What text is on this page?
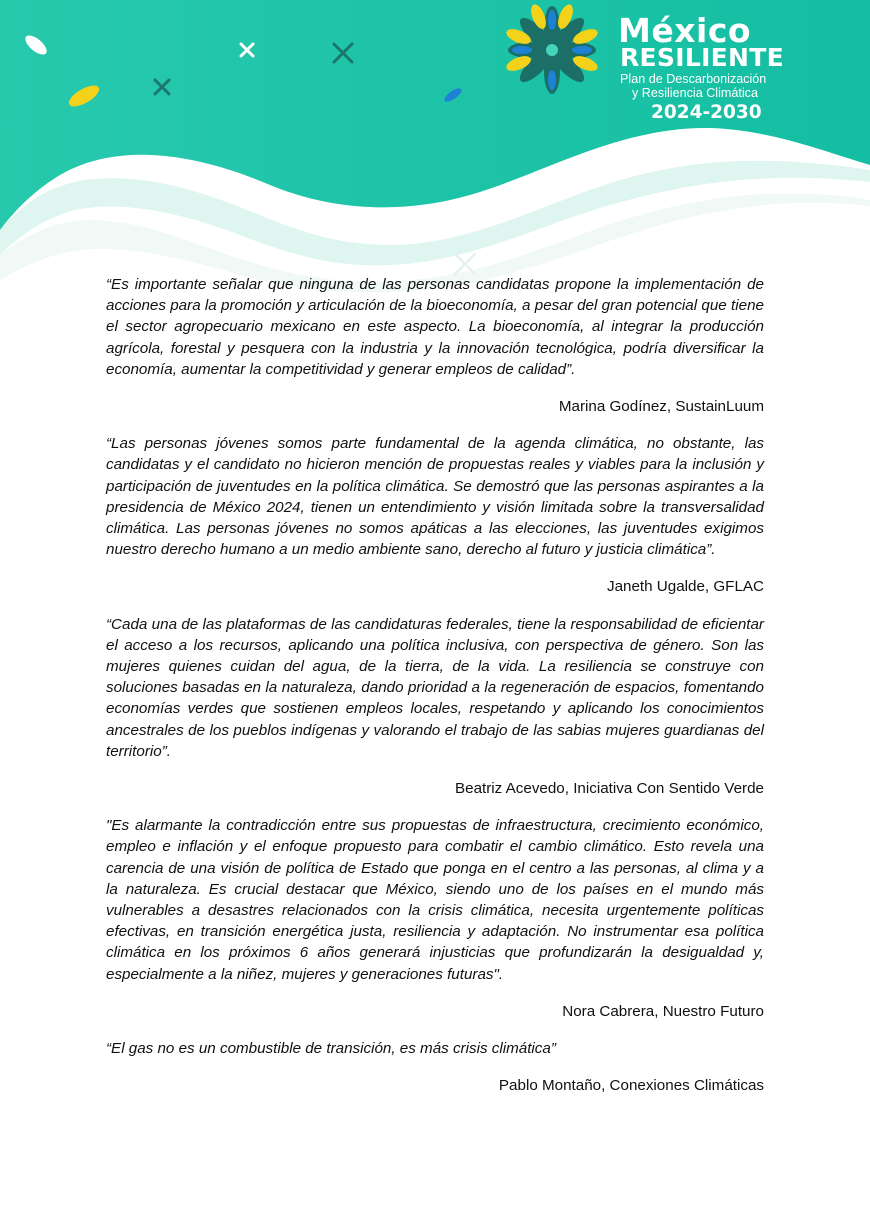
México
RESILIENTE
Plan de Descarbonización
y Resiliencia Climática
2024-2030

“Es importante señalar que ninguna de las personas candidatas propone la implementación de acciones para la promoción y articulación de la bioeconomía, a pesar del gran potencial que tiene el sector agropecuario mexicano en este aspecto. La bioeconomía, al integrar la producción agrícola, forestal y pesquera con la industria y la innovación tecnológica, podría diversificar la economía, aumentar la competitividad y generar empleos de calidad”.

Marina Godínez, SustainLuum

“Las personas jóvenes somos parte fundamental de la agenda climática, no obstante, las candidatas y el candidato no hicieron mención de propuestas reales y viables para la inclusión y participación de juventudes en la política climática. Se demostró que las personas aspirantes a la presidencia de México 2024, tienen un entendimiento y visión limitada sobre la transversalidad climática. Las personas jóvenes no somos apáticas a las elecciones, las juventudes exigimos nuestro derecho humano a un medio ambiente sano, derecho al futuro y justicia climática”.

Janeth Ugalde, GFLAC

“Cada una de las plataformas de las candidaturas federales, tiene la responsabilidad de eficientar el acceso a los recursos, aplicando una política inclusiva, con perspectiva de género. Son las mujeres quienes cuidan del agua, de la tierra, de la vida. La resiliencia se construye con soluciones basadas en la naturaleza, dando prioridad a la regeneración de espacios, fomentando economías verdes que sostienen empleos locales, respetando y aplicando los conocimientos ancestrales de los pueblos indígenas y valorando el trabajo de las sabias mujeres guardianas del territorio”.

Beatriz Acevedo, Iniciativa Con Sentido Verde

"Es alarmante la contradicción entre sus propuestas de infraestructura, crecimiento económico, empleo e inflación y el enfoque propuesto para combatir el cambio climático. Esto revela una carencia de una visión de política de Estado que ponga en el centro a las personas, al clima y a la naturaleza. Es crucial destacar que México, siendo uno de los países en el mundo más vulnerables a desastres relacionados con la crisis climática, necesita urgentemente políticas efectivas, en transición energética justa, resiliencia y adaptación. No instrumentar esa política climática en los próximos 6 años generará injusticias que profundizarán la desigualdad y, especialmente a la niñez, mujeres y generaciones futuras".

Nora Cabrera, Nuestro Futuro

“El gas no es un combustible de transición, es más crisis climática”

Pablo Montaño, Conexiones Climáticas
